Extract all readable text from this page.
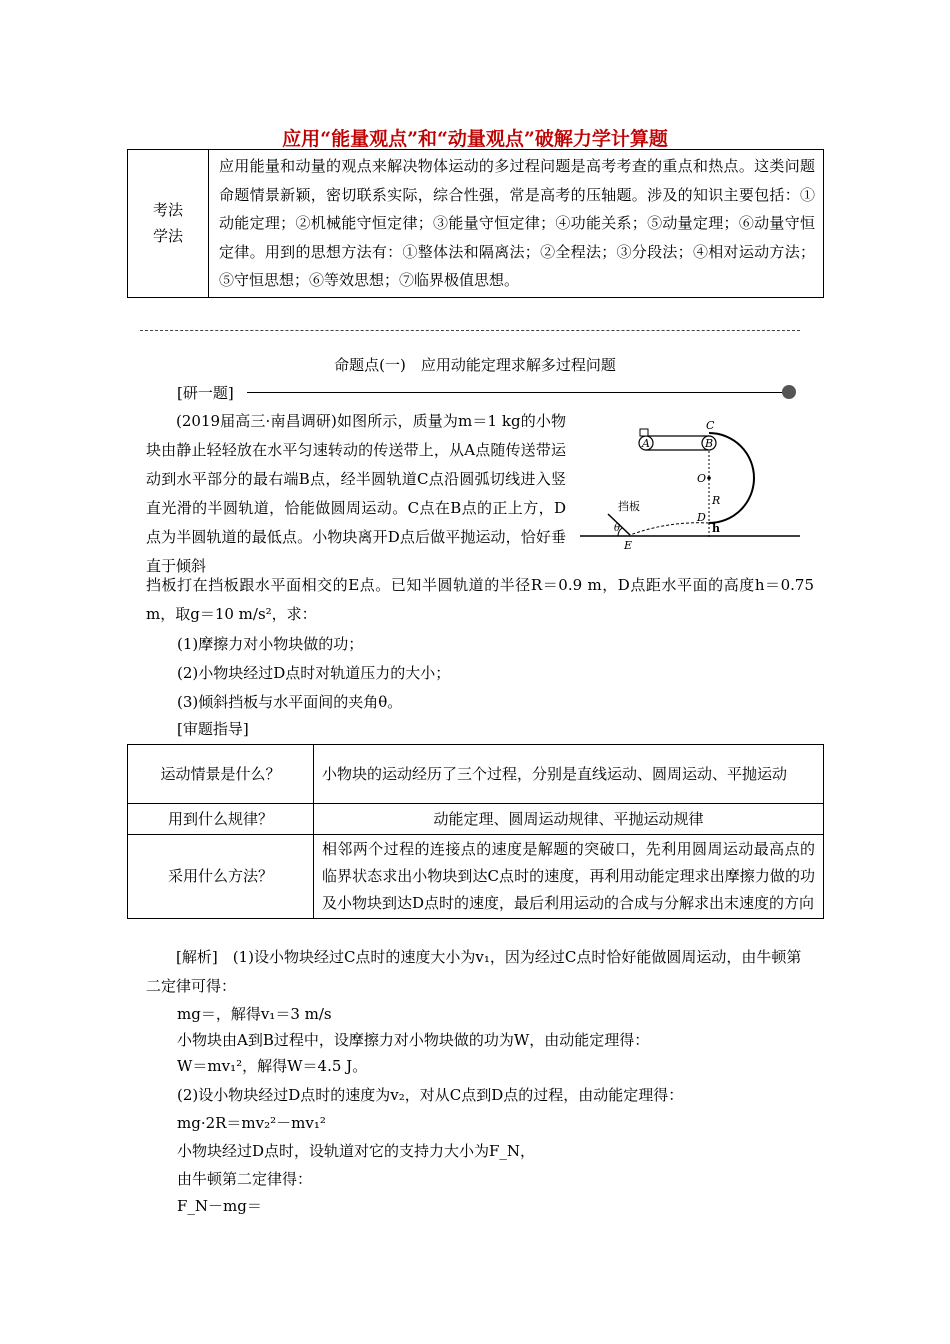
应用“能量观点”和“动量观点”破解力学计算题
考法
学法
	应用能量和动量的观点来解决物体运动的多过程问题是高考考查的重点和热点。这类问题命题情景新颖，密切联系实际，综合性强，常是高考的压轴题。涉及的知识主要包括：①动能定理；②机械能守恒定律；③能量守恒定律；④功能关系；⑤动量定理；⑥动量守恒定律。用到的思想方法有：①整体法和隔离法；②全程法；③分段法；④相对运动方法；⑤守恒思想；⑥等效思想；⑦临界极值思想。
命题点(一)　应用动能定理求解多过程问题
[研一题]
(2019届高三·南昌调研)如图所示，质量为m＝1 kg的小物块由静止轻轻放在水平匀速转动的传送带上，从A点随传送带运动到水平部分的最右端B点，经半圆轨道C点沿圆弧切线进入竖直光滑的半圆轨道，恰能做圆周运动。C点在B点的正上方，D点为半圆轨道的最低点。小物块离开D点后做平抛运动，恰好垂直于倾斜
A	B
C
O
R
D
h
E
θ
挡板
挡板打在挡板跟水平面相交的E点。已知半圆轨道的半径R＝0.9 m，D点距水平面的高度h＝0.75 m，取g＝10 m/s²，求：
(1)摩擦力对小物块做的功；
(2)小物块经过D点时对轨道压力的大小；
(3)倾斜挡板与水平面间的夹角θ。
[审题指导]
运动情景是什么？	小物块的运动经历了三个过程，分别是直线运动、圆周运动、平抛运动
用到什么规律？	动能定理、圆周运动规律、平抛运动规律
采用什么方法？	相邻两个过程的连接点的速度是解题的突破口，先利用圆周运动最高点的临界状态求出小物块到达C点时的速度，再利用动能定理求出摩擦力做的功及小物块到达D点时的速度，最后利用运动的合成与分解求出末速度的方向
[解析]　(1)设小物块经过C点时的速度大小为v₁，因为经过C点时恰好能做圆周运动，由牛顿第二定律可得：
mg＝，解得v₁＝3 m/s
小物块由A到B过程中，设摩擦力对小物块做的功为W，由动能定理得：
W＝mv₁²，解得W＝4.5 J。
(2)设小物块经过D点时的速度为v₂，对从C点到D点的过程，由动能定理得：
mg·2R＝mv₂²－mv₁²
小物块经过D点时，设轨道对它的支持力大小为F_N，
由牛顿第二定律得：
F_N－mg＝
